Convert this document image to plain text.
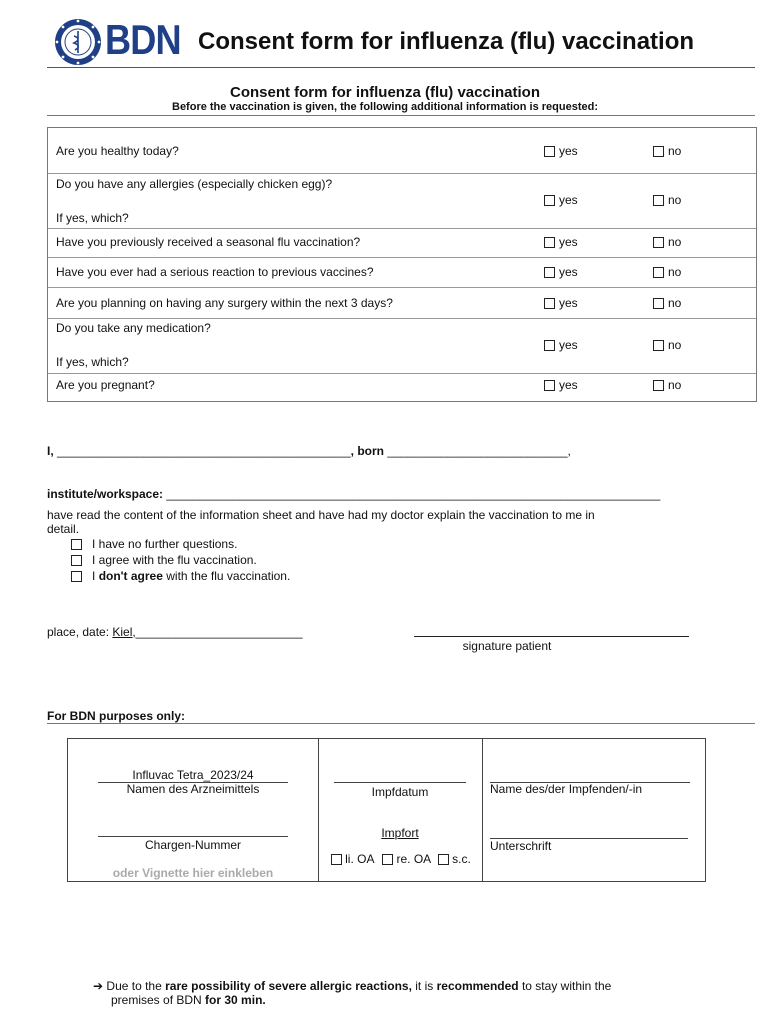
BDN Consent form for influenza (flu) vaccination
Consent form for influenza (flu) vaccination
Before the vaccination is given, the following additional information is requested:
Are you healthy today?	yes	no
Do you have any allergies (especially chicken egg)?
If yes, which?
yes	no
Have you previously received a seasonal flu vaccination?	yes	no
Have you ever had a serious reaction to previous vaccines?	yes	no
Are you planning on having any surgery within the next 3 days?	yes	no
Do you take any medication?
If yes, which?
yes	no
Are you pregnant?	yes	no
I, ____________________________________________, born ___________________________,
institute/workspace: __________________________________________________________________________
have read the content of the information sheet and have had my doctor explain the vaccination to me in
detail.
I have no further questions.
I agree with the flu vaccination.
I don't agree with the flu vaccination.
place, date: Kiel,_________________________
signature patient
For BDN purposes only:
Influvac Tetra_2023/24
Namen des Arzneimittels
Chargen-Nummer
oder Vignette hier einkleben
Impfdatum
Impfort
li. OA re. OA s.c.
Name des/der Impfenden/-in
Unterschrift
➔ Due to the rare possibility of severe allergic reactions, it is recommended to stay within the
premises of BDN for 30 min.
